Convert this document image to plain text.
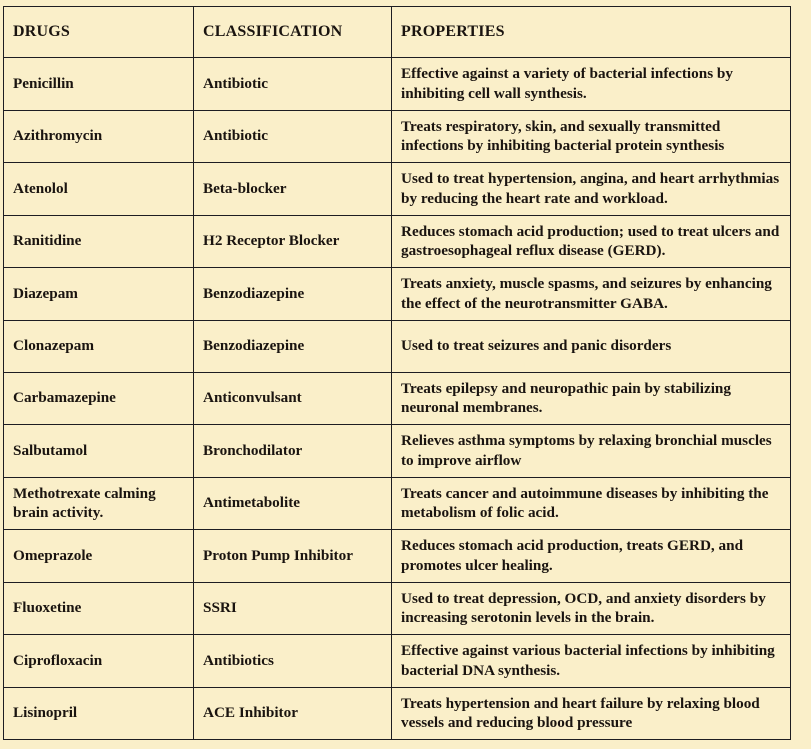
DRUGS	CLASSIFICATION	PROPERTIES
Penicillin	Antibiotic	Effective against a variety of bacterial infections by inhibiting cell wall synthesis.
Azithromycin	Antibiotic	Treats respiratory, skin, and sexually transmitted infections by inhibiting bacterial protein synthesis
Atenolol	Beta-blocker	Used to treat hypertension, angina, and heart arrhythmias by reducing the heart rate and workload.
Ranitidine	H2 Receptor Blocker	Reduces stomach acid production; used to treat ulcers and gastroesophageal reflux disease (GERD).
Diazepam	Benzodiazepine	Treats anxiety, muscle spasms, and seizures by enhancing the effect of the neurotransmitter GABA.
Clonazepam	Benzodiazepine	Used to treat seizures and panic disorders
Carbamazepine	Anticonvulsant	Treats epilepsy and neuropathic pain by stabilizing neuronal membranes.
Salbutamol	Bronchodilator	Relieves asthma symptoms by relaxing bronchial muscles to improve airflow
Methotrexate calming brain activity.	Antimetabolite	Treats cancer and autoimmune diseases by inhibiting the metabolism of folic acid.
Omeprazole	Proton Pump Inhibitor	Reduces stomach acid production, treats GERD, and promotes ulcer healing.
Fluoxetine	SSRI	Used to treat depression, OCD, and anxiety disorders by increasing serotonin levels in the brain.
Ciprofloxacin	Antibiotics	Effective against various bacterial infections by inhibiting bacterial DNA synthesis.
Lisinopril	ACE Inhibitor	Treats hypertension and heart failure by relaxing blood vessels and reducing blood pressure
